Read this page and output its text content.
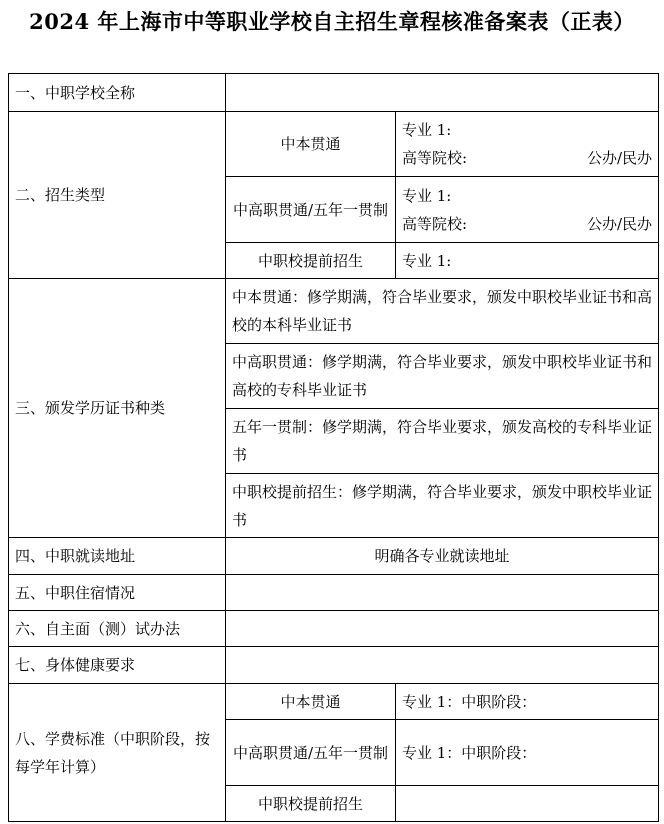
2024 年上海市中等职业学校自主招生章程核准备案表（正表）
一、中职学校全称		
二、招生类型	中本贯通	专业 1:
高等院校: 公办/民办

	中高职贯通/五年一贯制	专业 1:
高等院校: 公办/民办

	中职校提前招生	专业 1:

三、颁发学历证书种类	中本贯通：修学期满，符合毕业要求，颁发中职校毕业证书和高校的本科毕业证书	
	中高职贯通：修学期满，符合毕业要求，颁发中职校毕业证书和高校的专科毕业证书	
	五年一贯制：修学期满，符合毕业要求，颁发高校的专科毕业证书	
	中职校提前招生：修学期满，符合毕业要求，颁发中职校毕业证书	
四、中职就读地址	明确各专业就读地址	
五、中职住宿情况		
六、自主面（测）试办法		
七、身体健康要求		
八、学费标准（中职阶段，按每学年计算）	中本贯通	专业 1：中职阶段：
	中高职贯通/五年一贯制	专业 1：中职阶段：
	中职校提前招生	
